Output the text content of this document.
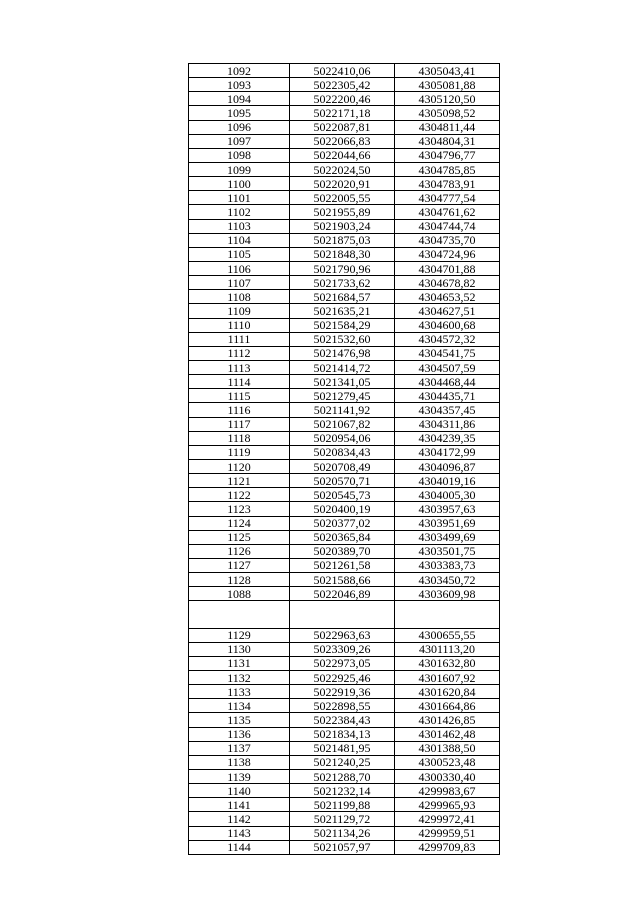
1092	5022410,06	4305043,41
1093	5022305,42	4305081,88
1094	5022200,46	4305120,50
1095	5022171,18	4305098,52
1096	5022087,81	4304811,44
1097	5022066,83	4304804,31
1098	5022044,66	4304796,77
1099	5022024,50	4304785,85
1100	5022020,91	4304783,91
1101	5022005,55	4304777,54
1102	5021955,89	4304761,62
1103	5021903,24	4304744,74
1104	5021875,03	4304735,70
1105	5021848,30	4304724,96
1106	5021790,96	4304701,88
1107	5021733,62	4304678,82
1108	5021684,57	4304653,52
1109	5021635,21	4304627,51
1110	5021584,29	4304600,68
1111	5021532,60	4304572,32
1112	5021476,98	4304541,75
1113	5021414,72	4304507,59
1114	5021341,05	4304468,44
1115	5021279,45	4304435,71
1116	5021141,92	4304357,45
1117	5021067,82	4304311,86
1118	5020954,06	4304239,35
1119	5020834,43	4304172,99
1120	5020708,49	4304096,87
1121	5020570,71	4304019,16
1122	5020545,73	4304005,30
1123	5020400,19	4303957,63
1124	5020377,02	4303951,69
1125	5020365,84	4303499,69
1126	5020389,70	4303501,75
1127	5021261,58	4303383,73
1128	5021588,66	4303450,72
1088	5022046,89	4303609,98

1129	5022963,63	4300655,55
1130	5023309,26	4301113,20
1131	5022973,05	4301632,80
1132	5022925,46	4301607,92
1133	5022919,36	4301620,84
1134	5022898,55	4301664,86
1135	5022384,43	4301426,85
1136	5021834,13	4301462,48
1137	5021481,95	4301388,50
1138	5021240,25	4300523,48
1139	5021288,70	4300330,40
1140	5021232,14	4299983,67
1141	5021199,88	4299965,93
1142	5021129,72	4299972,41
1143	5021134,26	4299959,51
1144	5021057,97	4299709,83
